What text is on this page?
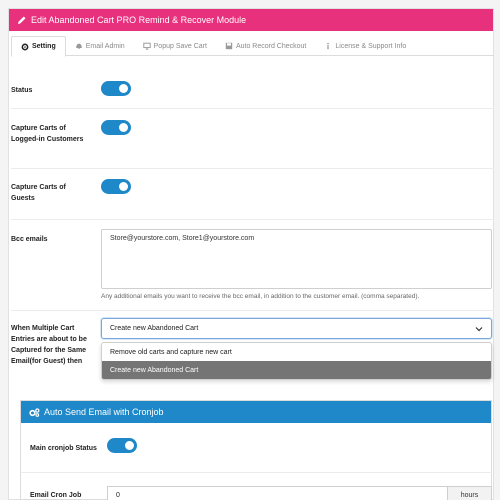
Edit Abandoned Cart PRO Remind & Recover Module
Setting	Email Admin	Popup Save Cart	Auto Record Checkout	License & Support Info
Status
Capture Carts of Logged-in Customers
Capture Carts of Guests
Bcc emails	Store@yourstore.com, Store1@yourstore.com
Any additional emails you want to receive the bcc email, in addition to the customer email. (comma separated).
When Multiple Cart Entries are about to be Captured for the Same Email(for Guest) then
Create new Abandoned Cart
Remove old carts and capture new cart
Create new Abandoned Cart
Auto Send Email with Cronjob
Main cronjob Status
Email Cron Job	0	hours
